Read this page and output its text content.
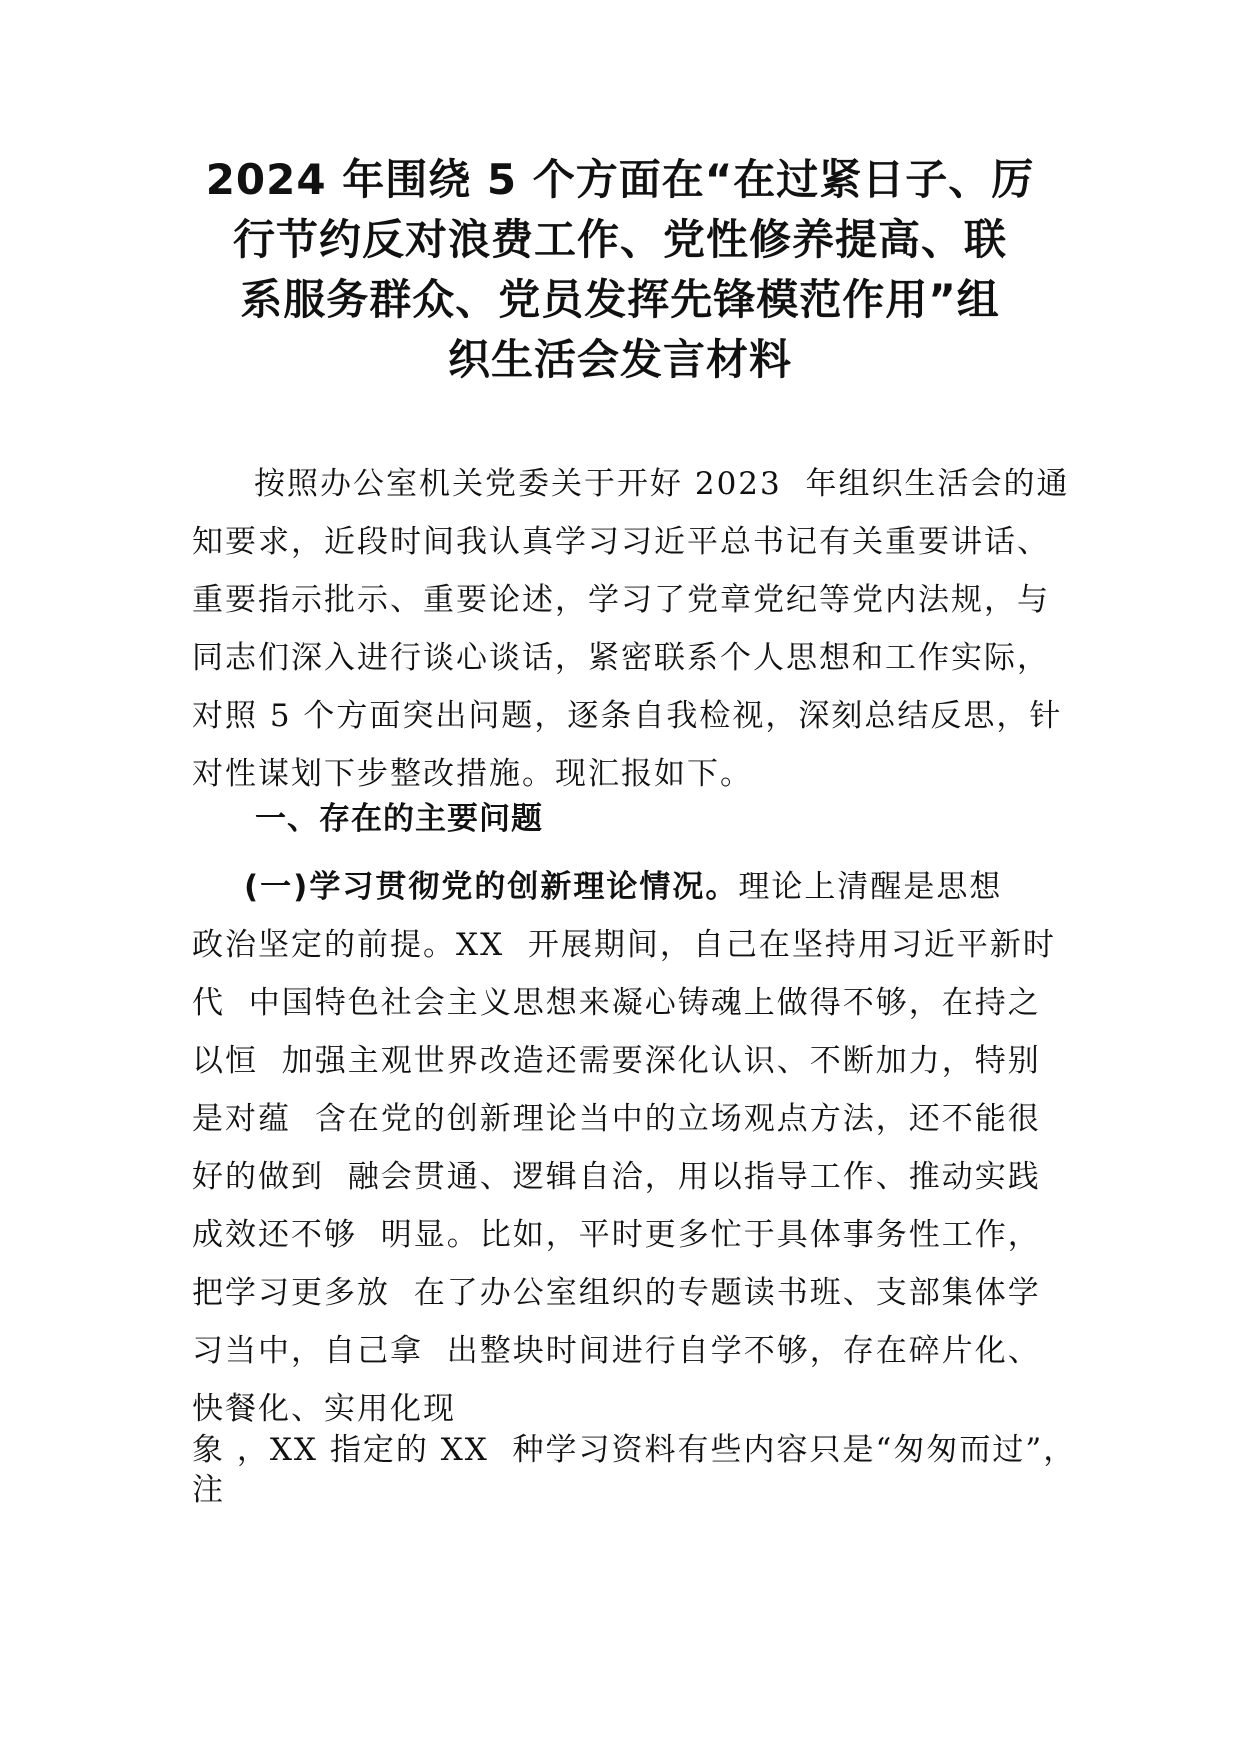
2024 年围绕 5 个方面在“在过紧日子、厉
行节约反对浪费工作、党性修养提高、联
系服务群众、党员发挥先锋模范作用”组
织生活会发言材料
按照办公室机关党委关于开好 2023  年组织生活会的通
知要求，近段时间我认真学习习近平总书记有关重要讲话、
重要指示批示、重要论述，学习了党章党纪等党内法规，与
同志们深入进行谈心谈话，紧密联系个人思想和工作实际，
对照 5 个方面突出问题，逐条自我检视，深刻总结反思，针
对性谋划下步整改措施。现汇报如下。
一、存在的主要问题
(一)学习贯彻党的创新理论情况。理论上清醒是思想
政治坚定的前提。XX  开展期间，自己在坚持用习近平新时
代  中国特色社会主义思想来凝心铸魂上做得不够，在持之
以恒  加强主观世界改造还需要深化认识、不断加力，特别
是对蕴  含在党的创新理论当中的立场观点方法，还不能很
好的做到  融会贯通、逻辑自洽，用以指导工作、推动实践
成效还不够  明显。比如，平时更多忙于具体事务性工作，
把学习更多放  在了办公室组织的专题读书班、支部集体学
习当中，自己拿  出整块时间进行自学不够，存在碎片化、
快餐化、实用化现
象 ，XX 指定的 XX  种学习资料有些内容只是“匆匆而过”，
注
